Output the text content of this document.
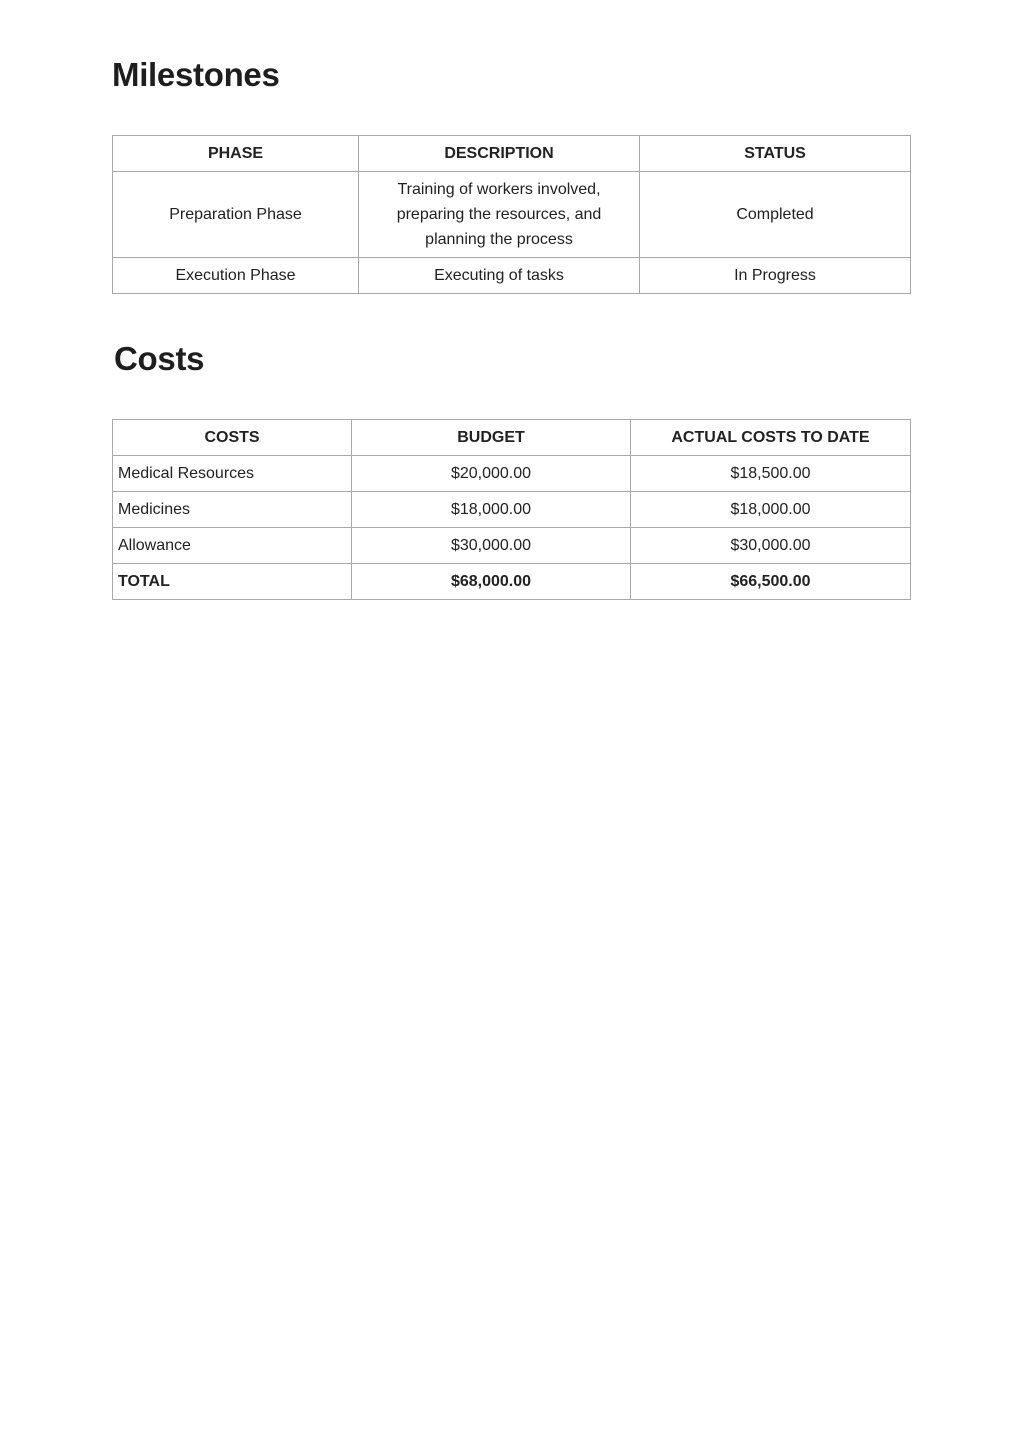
Milestones
PHASE	DESCRIPTION	STATUS
Preparation Phase	Training of workers involved, preparing the resources, and planning the process	Completed
Execution Phase	Executing of tasks	In Progress
Costs
COSTS	BUDGET	ACTUAL COSTS TO DATE
Medical Resources	$20,000.00	$18,500.00
Medicines	$18,000.00	$18,000.00
Allowance	$30,000.00	$30,000.00
TOTAL	$68,000.00	$66,500.00
